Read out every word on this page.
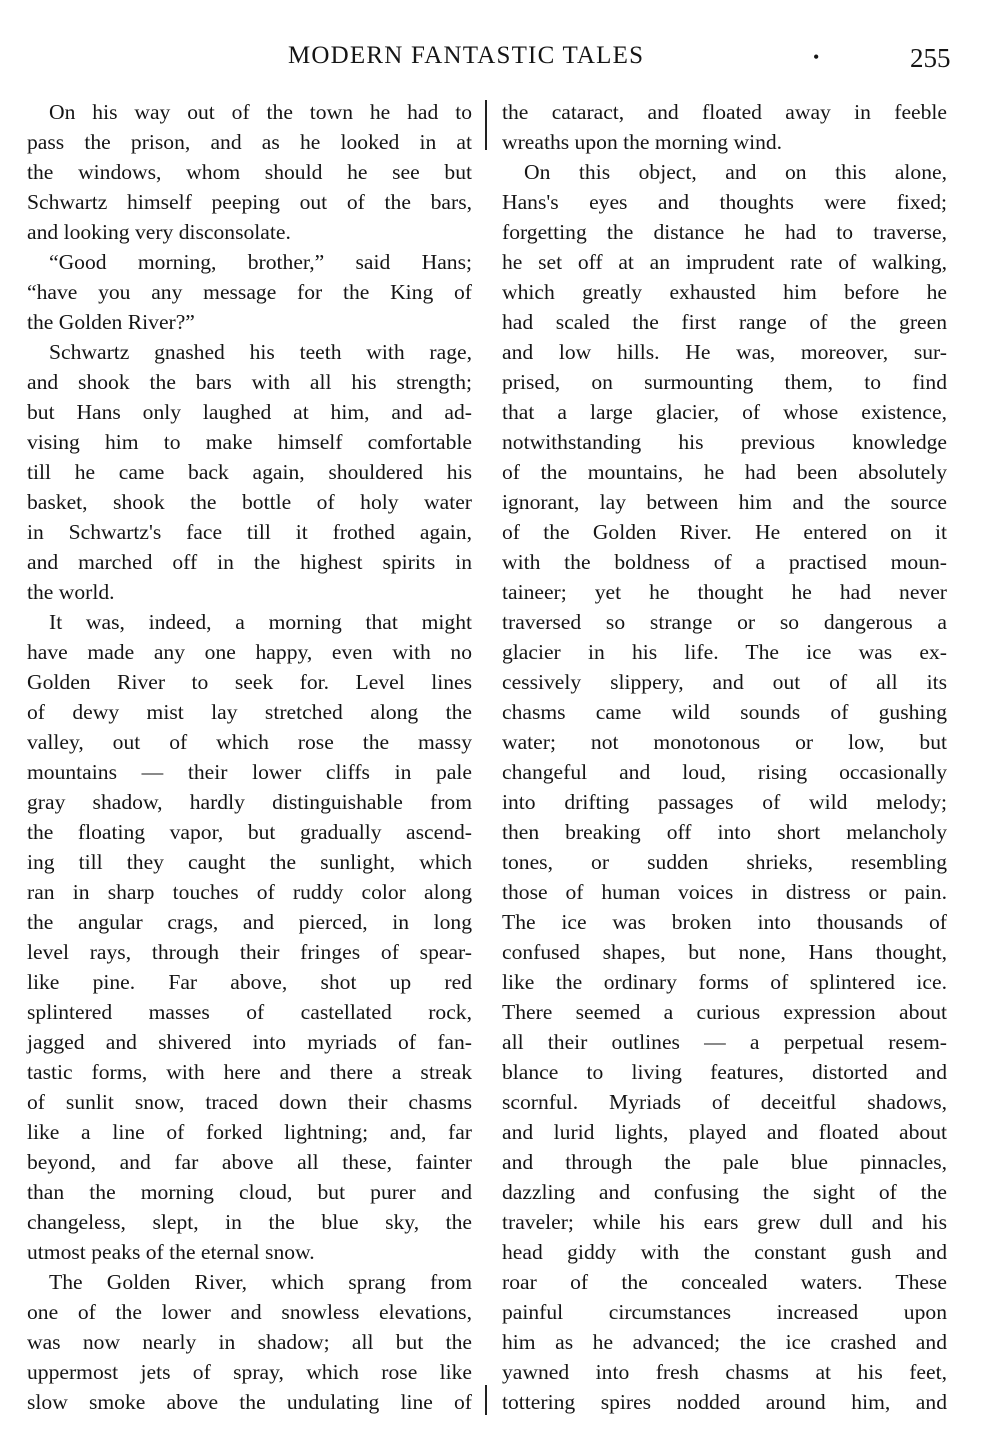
MODERN FANTASTIC TALES	•	255
On his way out of the town he had to
pass the prison, and as he looked in at
the windows, whom should he see but
Schwartz himself peeping out of the bars,
and looking very disconsolate.
“Good morning, brother,” said Hans;
“have you any message for the King of
the Golden River?”
Schwartz gnashed his teeth with rage,
and shook the bars with all his strength;
but Hans only laughed at him, and ad-
vising him to make himself comfortable
till he came back again, shouldered his
basket, shook the bottle of holy water
in Schwartz's face till it frothed again,
and marched off in the highest spirits in
the world.
It was, indeed, a morning that might
have made any one happy, even with no
Golden River to seek for. Level lines
of dewy mist lay stretched along the
valley, out of which rose the massy
mountains — their lower cliffs in pale
gray shadow, hardly distinguishable from
the floating vapor, but gradually ascend-
ing till they caught the sunlight, which
ran in sharp touches of ruddy color along
the angular crags, and pierced, in long
level rays, through their fringes of spear-
like pine. Far above, shot up red
splintered masses of castellated rock,
jagged and shivered into myriads of fan-
tastic forms, with here and there a streak
of sunlit snow, traced down their chasms
like a line of forked lightning; and, far
beyond, and far above all these, fainter
than the morning cloud, but purer and
changeless, slept, in the blue sky, the
utmost peaks of the eternal snow.
The Golden River, which sprang from
one of the lower and snowless elevations,
was now nearly in shadow; all but the
uppermost jets of spray, which rose like
slow smoke above the undulating line of
the cataract, and floated away in feeble
wreaths upon the morning wind.
On this object, and on this alone,
Hans's eyes and thoughts were fixed;
forgetting the distance he had to traverse,
he set off at an imprudent rate of walking,
which greatly exhausted him before he
had scaled the first range of the green
and low hills. He was, moreover, sur-
prised, on surmounting them, to find
that a large glacier, of whose existence,
notwithstanding his previous knowledge
of the mountains, he had been absolutely
ignorant, lay between him and the source
of the Golden River. He entered on it
with the boldness of a practised moun-
taineer; yet he thought he had never
traversed so strange or so dangerous a
glacier in his life. The ice was ex-
cessively slippery, and out of all its
chasms came wild sounds of gushing
water; not monotonous or low, but
changeful and loud, rising occasionally
into drifting passages of wild melody;
then breaking off into short melancholy
tones, or sudden shrieks, resembling
those of human voices in distress or pain.
The ice was broken into thousands of
confused shapes, but none, Hans thought,
like the ordinary forms of splintered ice.
There seemed a curious expression about
all their outlines — a perpetual resem-
blance to living features, distorted and
scornful. Myriads of deceitful shadows,
and lurid lights, played and floated about
and through the pale blue pinnacles,
dazzling and confusing the sight of the
traveler; while his ears grew dull and his
head giddy with the constant gush and
roar of the concealed waters. These
painful circumstances increased upon
him as he advanced; the ice crashed and
yawned into fresh chasms at his feet,
tottering spires nodded around him, and
